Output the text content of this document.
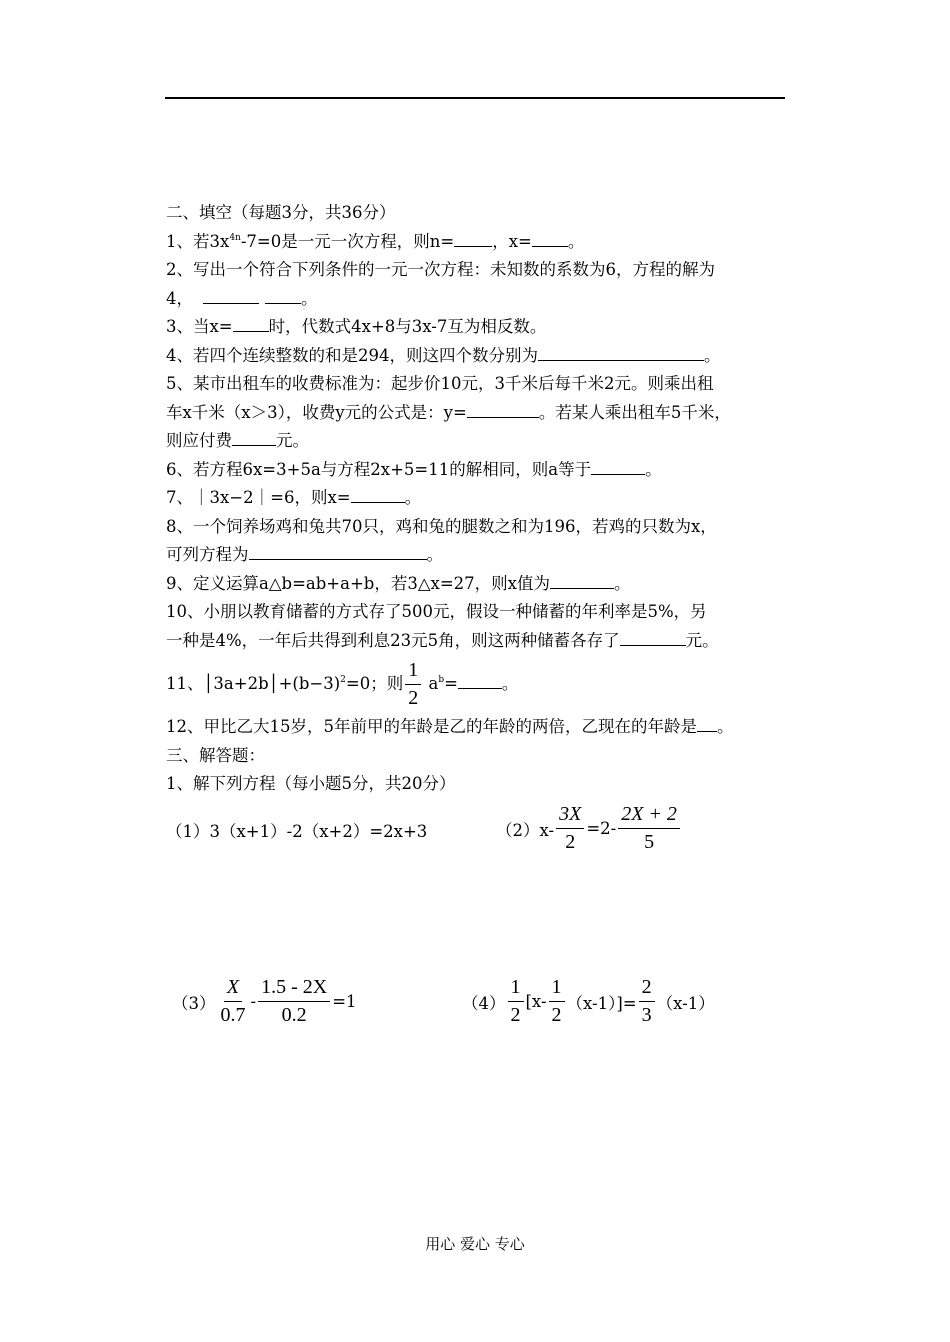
二、填空（每题3分，共36分）
1、若$3x^{4n}-7=0$是一元一次方程，则n= ，x= 。
2、写出一个符合下列条件的一元一次方程：未知数的系数为6，方程的解为
4，	。
3、当x= 时，代数式4x+8与3x-7互为相反数。
4、若四个连续整数的和是294，则这四个数分别为	。
5、某市出租车的收费标准为：起步价10元，3千米后每千米2元。则乘出租
车x千米（x＞3），收费y元的公式是：y=	。若某人乘出租车5千米，
则应付费	元。
6、若方程6x=3+5a与方程2x+5=11的解相同，则a等于	。
7、｜3x−2｜=6，则x=	。
8、一个饲养场鸡和兔共70只，鸡和兔的腿数之和为196，若鸡的只数为x，
可列方程为	。
9、定义运算a△b=ab+a+b，若3△x=27，则x值为	。
10、小朋以教育储蓄的方式存了500元，假设一种储蓄的年利率是5%，另
一种是4%，一年后共得到利息23元5角，则这两种储蓄各存了	元。
11、$│3a+2b│+(b-3)^2=0$；则 $\frac{1}{2} a^b=$	。
12、甲比乙大15岁，5年前甲的年龄是乙的年龄的两倍，乙现在的年龄是 。
三、解答题：
1、解下列方程（每小题5分，共20分）
（1）3（x+1）-2（x+2）=2x+3	$(2)x- \frac{3X}{2} =2- \frac{2X + 2}{5}$
$(3) \frac{X}{0.7} - \frac{1.5 - 2X}{0.2} =1$	$(4) \frac{1}{2} [x- \frac{1}{2} (x-1)]= \frac{2}{3} (x-1)$
用心 爱心 专心
